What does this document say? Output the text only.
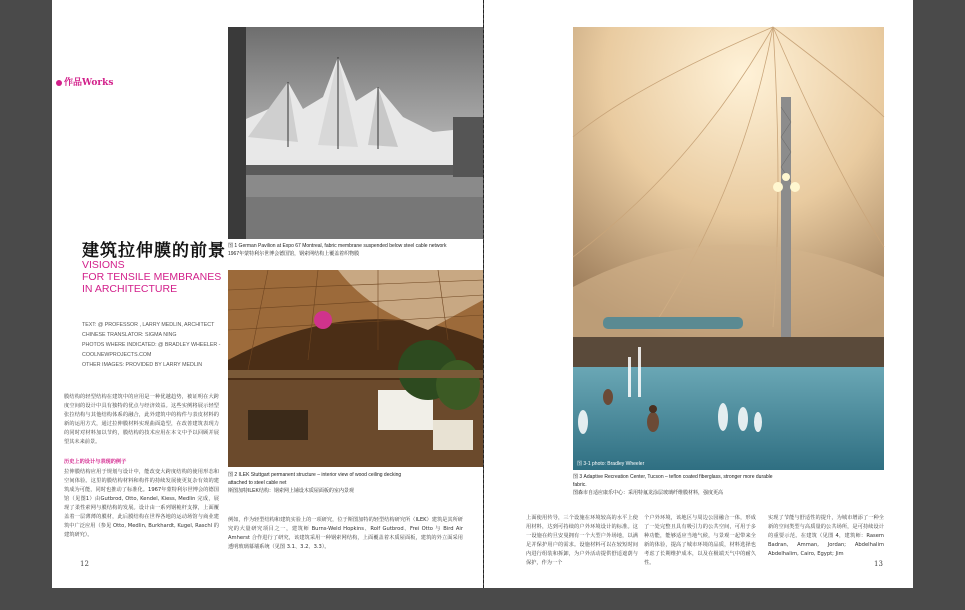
作品Works
图 1 German Pavilion at Expo 67 Montreal, fabric membrane suspended below steel cable network
1967年蒙特利尔世博会德国馆，钢索网结构上覆盖着织物膜
建筑拉伸膜的前景
VISIONS
FOR TENSILE MEMBRANES
IN ARCHITECTURE
TEXT: @ PROFESSOR , LARRY MEDLIN, ARCHITECT
CHINESE TRANSLATOR: SIGMA NING
PHOTOS WHERE INDICATED: @ BRADLEY WHEELER -
COOLNEWPROJECTS.COM
OTHER IMAGES: PROVIDED BY LARRY MEDLIN
图 2 ILEK Stuttgart permanent structure – interior view of wood ceiling decking attached to steel cable net
斯图加特ILEK结构：钢索网上铺设木质屋面板的室内景观
膜结构的轻型结构在建筑中的应用是一种优越趋势，被证明在大跨度空间的设计中具有独特的优点与经济效益。这些实例将展示轻型张拉结构与其他结构体系的融合，此外建筑中的构件与表皮材料的新的运用方式，通过拉伸膜材料实现曲面造型，在改善建筑表现力的同时对材料加以节约，膜结构的技术应用在本文中予以回顾并展望其未来前景。
历史上的设计与表现的例子
拉伸膜结构应用于规划与设计中，能改变大跨度结构的使用形态和空间体验。这里的膜结构材料和构件的持续发展使更复杂有效的建筑成为可能，同时也推动了标准化。1967年蒙特利尔世博会的德国馆（见图1）由Gutbrod, Otto, Kendel, Kiess, Medlin 完成，展现了柔性索网与膜结构的发展。设计由一系列钢桅杆支撑，上面覆盖着一层薄薄的膜材，此后膜结构在世界各地的运动场馆与商业建筑中广泛应用（参见 Otto, Medlin, Burkhardt, Kugel, Raschl 的建筑研究）。
例如，作为轻型结构和建筑实验上的一项研究，位于斯图加特的轻型结构研究所（ILEK）建筑是其所研究的大量研究项目之一，建筑师 Burns-Weld Hopkins、Rolf Gutbrod、Frei Otto 与 Bird Air Amherst 合作进行了研究，该建筑采用一种钢索网结构，上面覆盖着木质屋面板，建筑的外立面采用透明玻璃幕墙系统（见图 3.1、3.2、3.3）。
12
图 3-1 photo: Bradley Wheeler
图 3 Adaptive Recreation Center, Tucson – teflon coated fiberglass, stronger more durable fabric.
图森市自适应康乐中心：采用特氟龙涂层玻璃纤维膜材料，强度更高
上面使用传导，三个设施在环境较高的水平上使用材料，达到可持续的户外环境设计的标准。这一设施在约旦安曼拥有一个大型户外场地，以满足并保护用户的需求。设施材料可以在较短时间内进行组装和拆卸，为户外活动提供舒适遮荫与保护，作为一个
个户外环境，该地区与周边公园融合一体，形成了一处完整且具有吸引力的公共空间，可用于多种功能，能够适应当地气候，与景观一起带来全新的体验，提高了城市环境的品质，材料选择也考虑了长期维护成本，以及在极端天气中的耐久性。
实现了节能与舒适性的提升，为城市增添了一种全新的空间类型与高质量的公共场所，是可持续设计的重要示范。在建筑（见图 4，建筑师：Rasem Badran, Amman, Jordan; Abdelhalim Abdelhalim, Cairo, Egypt; Jim
13
